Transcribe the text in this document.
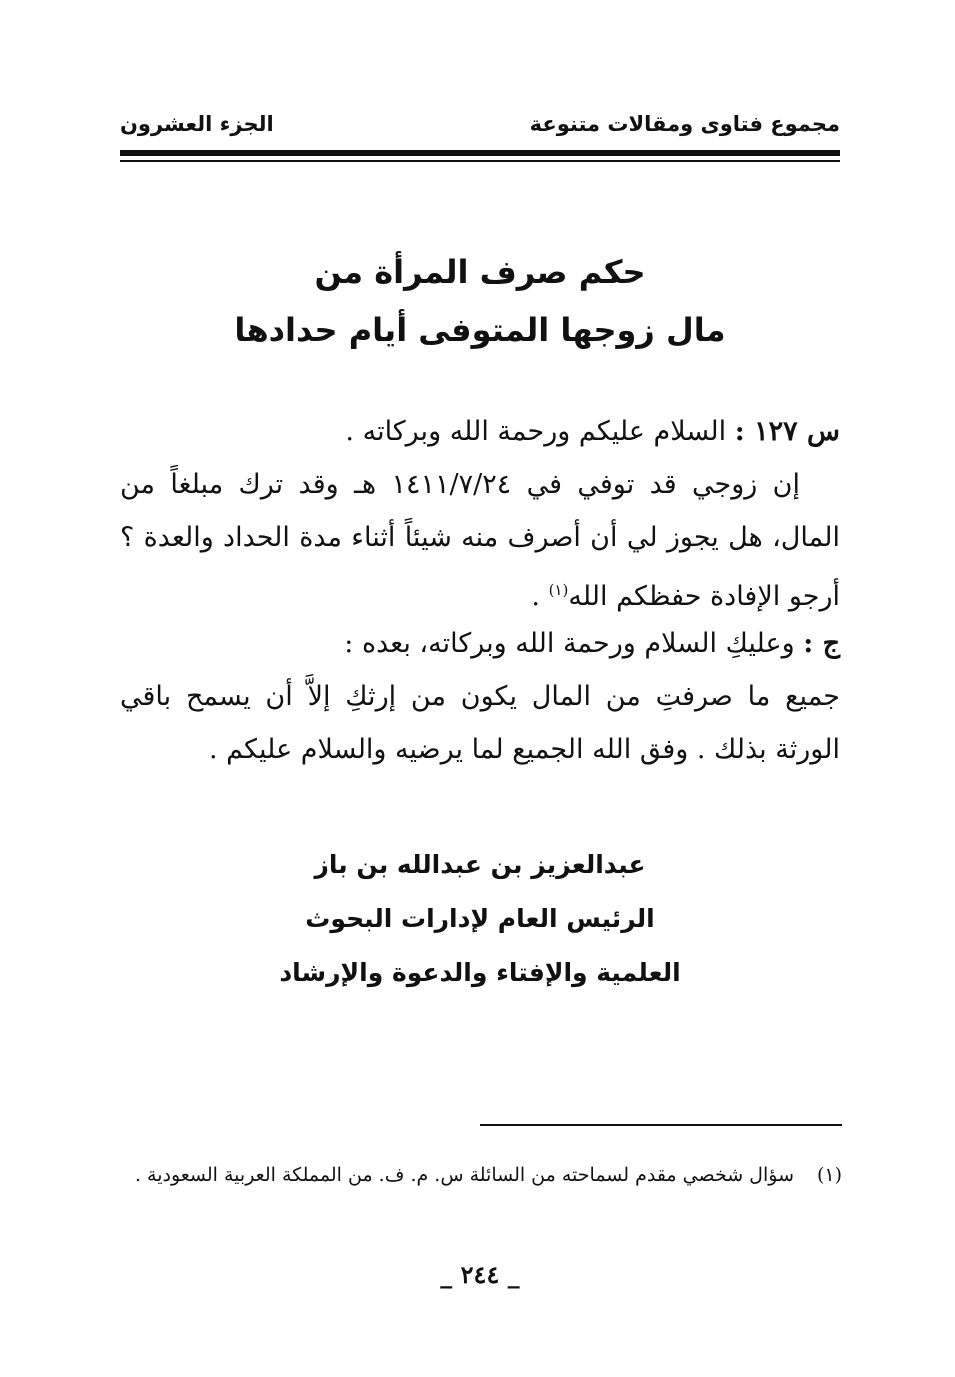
مجموع فتاوى ومقالات متنوعة
الجزء العشرون
حكم صرف المرأة من
مال زوجها المتوفى أيام حدادها
س ١٢٧ : السلام عليكم ورحمة الله وبركاته .
إن زوجي قد توفي في ١٤١١/٧/٢٤ هـ وقد ترك مبلغاً من المال، هل يجوز لي أن أصرف منه شيئاً أثناء مدة الحداد والعدة ؟ أرجو الإفادة حفظكم الله$^{(١)}$ .
ج : وعليكِ السلام ورحمة الله وبركاته، بعده :
جميع ما صرفتِ من المال يكون من إرثكِ إلاَّ أن يسمح باقي الورثة بذلك . وفق الله الجميع لما يرضيه والسلام عليكم .
عبدالعزيز بن عبدالله بن باز
الرئيس العام لإدارات البحوث
العلمية والإفتاء والدعوة والإرشاد
(١)
سؤال شخصي مقدم لسماحته من السائلة س. م. ف. من المملكة العربية السعودية .
_ ٢٤٤ _
